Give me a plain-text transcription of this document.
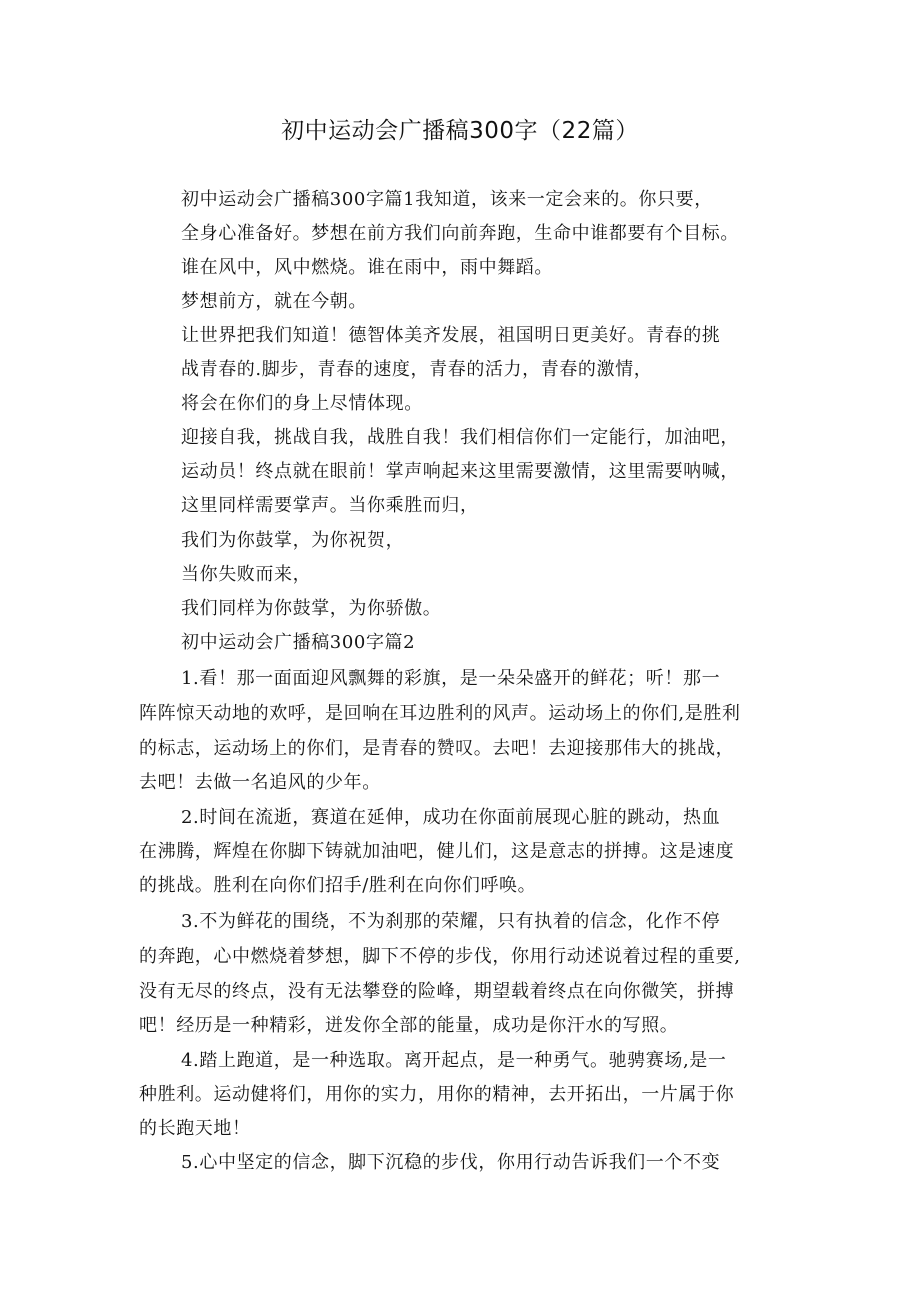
初中运动会广播稿300字（22篇）

初中运动会广播稿300字篇1我知道，该来一定会来的。你只要，

全身心准备好。梦想在前方我们向前奔跑，生命中谁都要有个目标。

谁在风中，风中燃烧。谁在雨中，雨中舞蹈。

梦想前方，就在今朝。

让世界把我们知道！德智体美齐发展，祖国明日更美好。青春的挑

战青春的.脚步，青春的速度，青春的活力，青春的激情，

将会在你们的身上尽情体现。

迎接自我，挑战自我，战胜自我！我们相信你们一定能行，加油吧，

运动员！终点就在眼前！掌声响起来这里需要激情，这里需要呐喊，

这里同样需要掌声。当你乘胜而归，

我们为你鼓掌，为你祝贺，

当你失败而来，

我们同样为你鼓掌，为你骄傲。

初中运动会广播稿300字篇2

1.看！那一面面迎风飘舞的彩旗，是一朵朵盛开的鲜花；听！那一

阵阵惊天动地的欢呼，是回响在耳边胜利的风声。运动场上的你们,是胜利

的标志，运动场上的你们，是青春的赞叹。去吧！去迎接那伟大的挑战，

去吧！去做一名追风的少年。

2.时间在流逝，赛道在延伸，成功在你面前展现心脏的跳动，热血

在沸腾，辉煌在你脚下铸就加油吧，健儿们，这是意志的拼搏。这是速度

的挑战。胜利在向你们招手/胜利在向你们呼唤。

3.不为鲜花的围绕，不为刹那的荣耀，只有执着的信念，化作不停

的奔跑，心中燃烧着梦想，脚下不停的步伐，你用行动述说着过程的重要,

没有无尽的终点，没有无法攀登的险峰，期望载着终点在向你微笑，拼搏

吧！经历是一种精彩，迸发你全部的能量，成功是你汗水的写照。

4.踏上跑道，是一种选取。离开起点，是一种勇气。驰骋赛场,是一

种胜利。运动健将们，用你的实力，用你的精神，去开拓出，一片属于你

的长跑天地！

5.心中坚定的信念，脚下沉稳的步伐，你用行动告诉我们一个不变
